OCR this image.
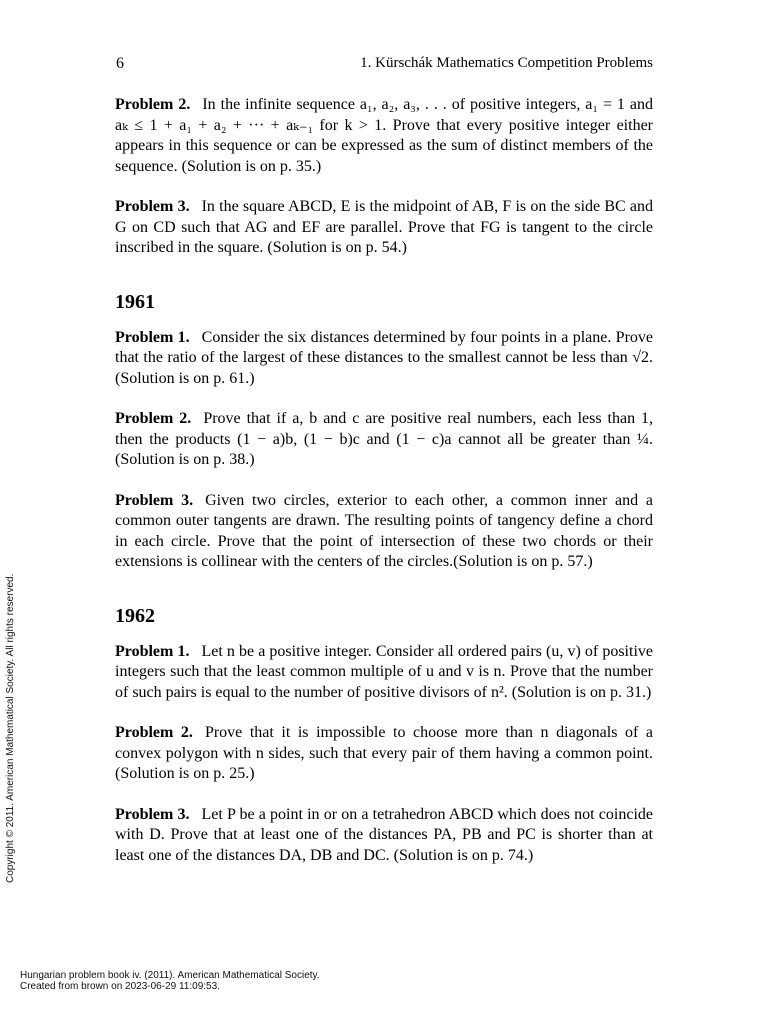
6	1. Kürschák Mathematics Competition Problems

Problem 2. In the infinite sequence a₁, a₂, a₃, . . . of positive integers, a₁ = 1 and aₖ ≤ 1 + a₁ + a₂ + ··· + aₖ₋₁ for k > 1. Prove that every positive integer either appears in this sequence or can be expressed as the sum of distinct members of the sequence. (Solution is on p. 35.)

Problem 3. In the square ABCD, E is the midpoint of AB, F is on the side BC and G on CD such that AG and EF are parallel. Prove that FG is tangent to the circle inscribed in the square. (Solution is on p. 54.)

1961

Problem 1. Consider the six distances determined by four points in a plane. Prove that the ratio of the largest of these distances to the smallest cannot be less than √2. (Solution is on p. 61.)

Problem 2. Prove that if a, b and c are positive real numbers, each less than 1, then the products (1 − a)b, (1 − b)c and (1 − c)a cannot all be greater than ¼.(Solution is on p. 38.)

Problem 3. Given two circles, exterior to each other, a common inner and a common outer tangents are drawn. The resulting points of tangency define a chord in each circle. Prove that the point of intersection of these two chords or their extensions is collinear with the centers of the circles.(Solution is on p. 57.)

1962

Problem 1. Let n be a positive integer. Consider all ordered pairs (u, v) of positive integers such that the least common multiple of u and v is n. Prove that the number of such pairs is equal to the number of positive divisors of n². (Solution is on p. 31.)

Problem 2. Prove that it is impossible to choose more than n diagonals of a convex polygon with n sides, such that every pair of them having a common point. (Solution is on p. 25.)

Problem 3. Let P be a point in or on a tetrahedron ABCD which does not coincide with D. Prove that at least one of the distances PA, PB and PC is shorter than at least one of the distances DA, DB and DC. (Solution is on p. 74.)

Copyright © 2011. American Mathematical Society. All rights reserved.
Hungarian problem book iv. (2011). American Mathematical Society.
Created from brown on 2023-06-29 11:09:53.
